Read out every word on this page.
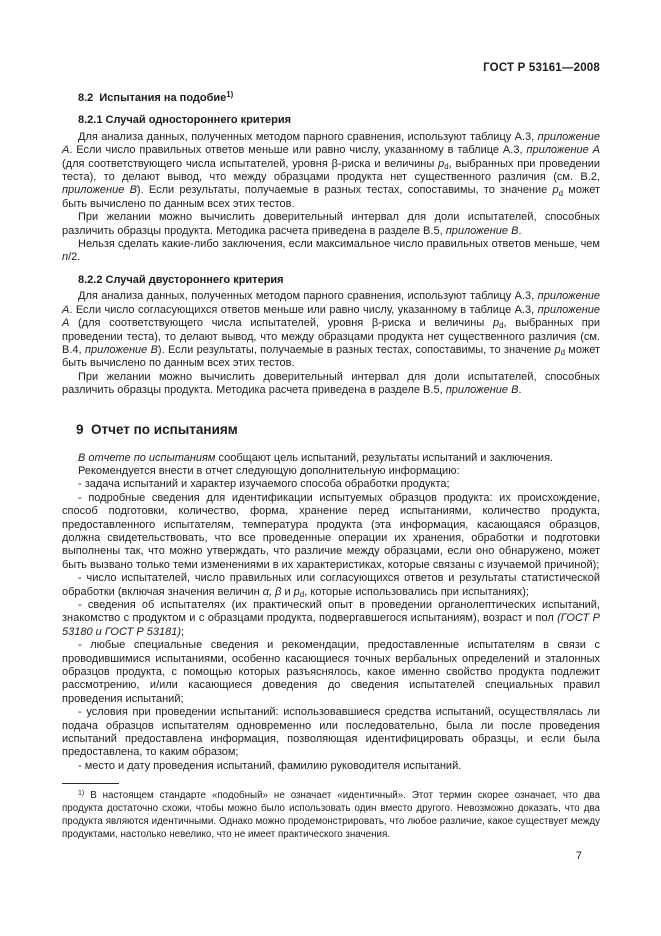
ГОСТ Р 53161—2008

8.2  Испытания на подобие$^{1)}$

8.2.1 Случай одностороннего критерия

Для анализа данных, полученных методом парного сравнения, используют таблицу А.3, приложение А. Если число правильных ответов меньше или равно числу, указанному в таблице А.3, приложение А (для соответствующего числа испытателей, уровня β-риска и величины $p_d$, выбранных при проведении теста), то делают вывод, что между образцами продукта нет существенного различия (см. В.2, приложение В). Если результаты, получаемые в разных тестах, сопоставимы, то значение $p_d$ может быть вычислено по данным всех этих тестов.

При желании можно вычислить доверительный интервал для доли испытателей, способных различить образцы продукта. Методика расчета приведена в разделе В.5, приложение В.

Нельзя сделать какие-либо заключения, если максимальное число правильных ответов меньше, чем n/2.

8.2.2 Случай двустороннего критерия

Для анализа данных, полученных методом парного сравнения, используют таблицу А.3, приложение А. Если число согласующихся ответов меньше или равно числу, указанному в таблице А.3, приложение А (для соответствующего числа испытателей, уровня β-риска и величины $p_d$, выбранных при проведении теста), то делают вывод, что между образцами продукта нет существенного различия (см. В.4, приложение В). Если результаты, получаемые в разных тестах, сопоставимы, то значение $p_d$ может быть вычислено по данным всех этих тестов.

При желании можно вычислить доверительный интервал для доли испытателей, способных различить образцы продукта. Методика расчета приведена в разделе В.5, приложение В.

9  Отчет по испытаниям

В отчете по испытаниям сообщают цель испытаний, результаты испытаний и заключения.

Рекомендуется внести в отчет следующую дополнительную информацию:

- задача испытаний и характер изучаемого способа обработки продукта;

- подробные сведения для идентификации испытуемых образцов продукта: их происхождение, способ подготовки, количество, форма, хранение перед испытаниями, количество продукта, предоставленного испытателям, температура продукта (эта информация, касающаяся образцов, должна свидетельствовать, что все проведенные операции их хранения, обработки и подготовки выполнены так, что можно утверждать, что различие между образцами, если оно обнаружено, может быть вызвано только теми изменениями в их характеристиках, которые связаны с изучаемой причиной);

- число испытателей, число правильных или согласующихся ответов и результаты статистической обработки (включая значения величин α, β и $p_d$, которые использовались при испытаниях);

- сведения об испытателях (их практический опыт в проведении органолептических испытаний, знакомство с продуктом и с образцами продукта, подвергавшегося испытаниям), возраст и пол (ГОСТ Р 53180 и ГОСТ Р 53181);

- любые специальные сведения и рекомендации, предоставленные испытателям в связи с проводившимися испытаниями, особенно касающиеся точных вербальных определений и эталонных образцов продукта, с помощью которых разъяснялось, какое именно свойство продукта подлежит рассмотрению, и/или касающиеся доведения до сведения испытателей специальных правил проведения испытаний;

- условия при проведении испытаний: использовавшиеся средства испытаний, осуществлялась ли подача образцов испытателям одновременно или последовательно, была ли после проведения испытаний предоставлена информация, позволяющая идентифицировать образцы, и если была предоставлена, то каким образом;

- место и дату проведения испытаний, фамилию руководителя испытаний.

$^{1)}$ В настоящем стандарте «подобный» не означает «идентичный». Этот термин скорее означает, что два продукта достаточно схожи, чтобы можно было использовать один вместо другого. Невозможно доказать, что два продукта являются идентичными. Однако можно продемонстрировать, что любое различие, какое существует между продуктами, настолько невелико, что не имеет практического значения.

7
